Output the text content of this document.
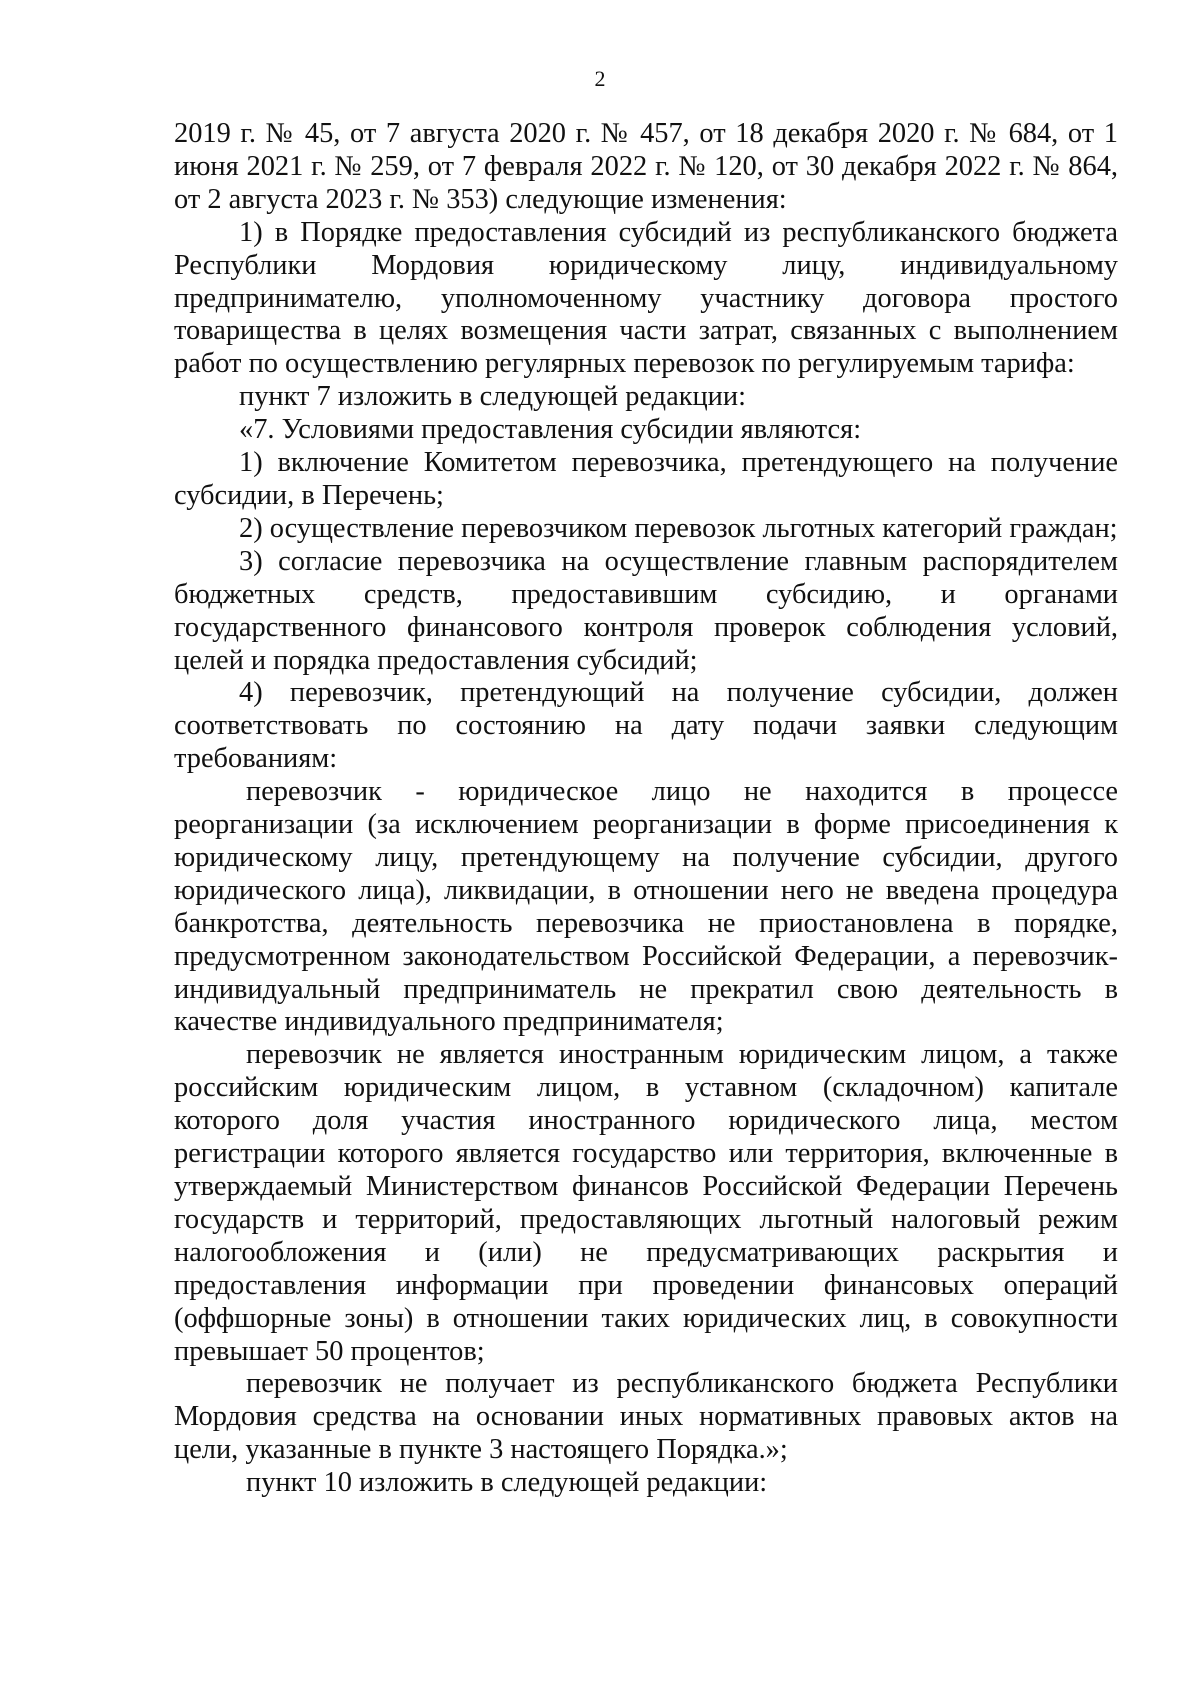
2

2019 г. № 45, от 7 августа 2020 г. № 457, от 18 декабря 2020 г. № 684, от 1 июня 2021 г. № 259, от 7 февраля 2022 г. № 120, от 30 декабря 2022 г. № 864, от 2 августа 2023 г. № 353) следующие изменения:

1) в Порядке предоставления субсидий из республиканского бюджета Республики Мордовия юридическому лицу, индивидуальному предпринимателю, уполномоченному участнику договора простого товарищества в целях возмещения части затрат, связанных с выполнением работ по осуществлению регулярных перевозок по регулируемым тарифа:

пункт 7 изложить в следующей редакции:

«7. Условиями предоставления субсидии являются:

1) включение Комитетом перевозчика, претендующего на получение субсидии, в Перечень;

2) осуществление перевозчиком перевозок льготных категорий граждан;

3) согласие перевозчика на осуществление главным распорядителем бюджетных средств, предоставившим субсидию, и органами государственного финансового контроля проверок соблюдения условий, целей и порядка предоставления субсидий;

4) перевозчик, претендующий на получение субсидии, должен соответствовать по состоянию на дату подачи заявки следующим требованиям:

перевозчик - юридическое лицо не находится в процессе реорганизации (за исключением реорганизации в форме присоединения к юридическому лицу, претендующему на получение субсидии, другого юридического лица), ликвидации, в отношении него не введена процедура банкротства, деятельность перевозчика не приостановлена в порядке, предусмотренном законодательством Российской Федерации, а перевозчик-индивидуальный предприниматель не прекратил свою деятельность в качестве индивидуального предпринимателя;

перевозчик не является иностранным юридическим лицом, а также российским юридическим лицом, в уставном (складочном) капитале которого доля участия иностранного юридического лица, местом регистрации которого является государство или территория, включенные в утверждаемый Министерством финансов Российской Федерации Перечень государств и территорий, предоставляющих льготный налоговый режим налогообложения и (или) не предусматривающих раскрытия и предоставления информации при проведении финансовых операций (оффшорные зоны) в отношении таких юридических лиц, в совокупности превышает 50 процентов;

перевозчик не получает из республиканского бюджета Республики Мордовия средства на основании иных нормативных правовых актов на цели, указанные в пункте 3 настоящего Порядка.»;

пункт 10 изложить в следующей редакции:
